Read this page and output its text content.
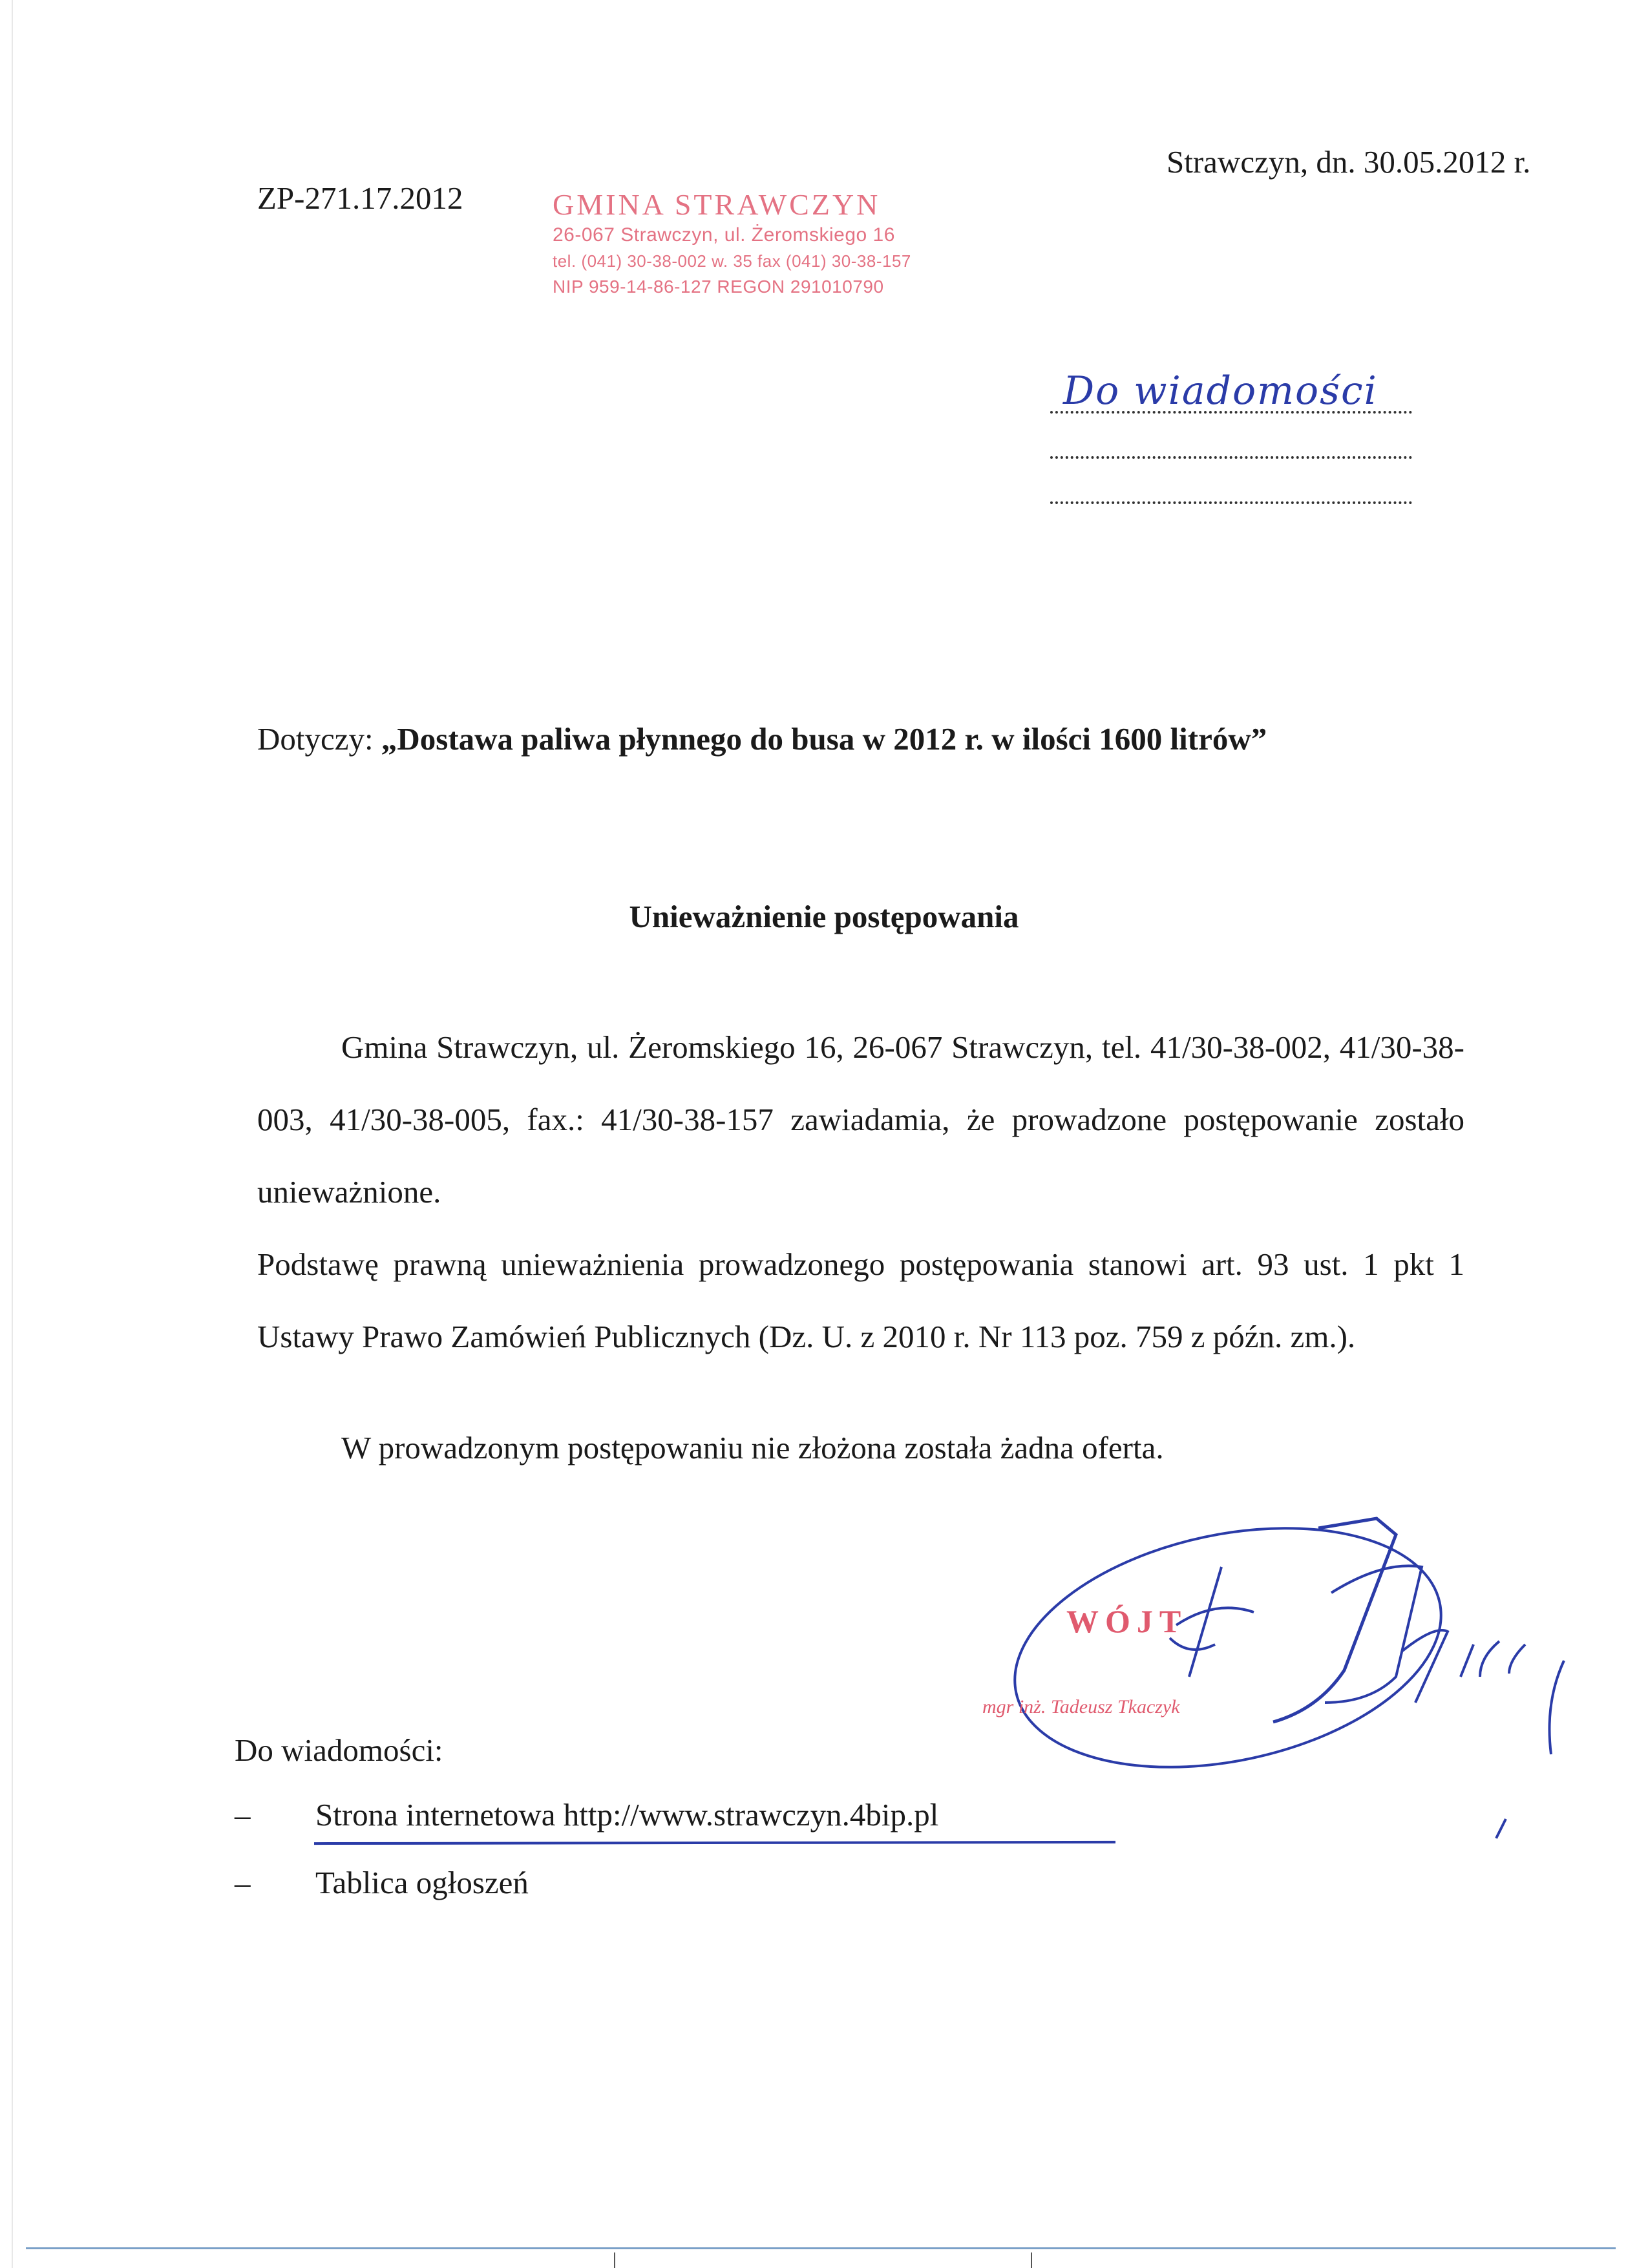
ZP-271.17.2012
Strawczyn, dn. 30.05.2012 r.
GMINA STRAWCZYN
26-067 Strawczyn, ul. Żeromskiego 16
tel. (041) 30-38-002 w. 35 fax (041) 30-38-157
NIP 959-14-86-127 REGON 291010790
Do wiadomości
Dotyczy: „Dostawa paliwa płynnego do busa w 2012 r. w ilości 1600 litrów”
Unieważnienie postępowania

Gmina Strawczyn, ul. Żeromskiego 16, 26-067 Strawczyn, tel. 41/30-38-002, 41/30-38-003, 41/30-38-005, fax.: 41/30-38-157 zawiadamia, że prowadzone postępowanie zostało unieważnione.

Podstawę prawną unieważnienia prowadzonego postępowania stanowi art. 93 ust. 1 pkt 1 Ustawy Prawo Zamówień Publicznych (Dz. U. z 2010 r. Nr 113 poz. 759 z późn. zm.).

W prowadzonym postępowaniu nie złożona została żadna oferta.

WÓJT
mgr inż. Tadeusz Tkaczyk
Do wiadomości:
–	Strona internetowa http://www.strawczyn.4bip.pl
–	Tablica ogłoszeń
